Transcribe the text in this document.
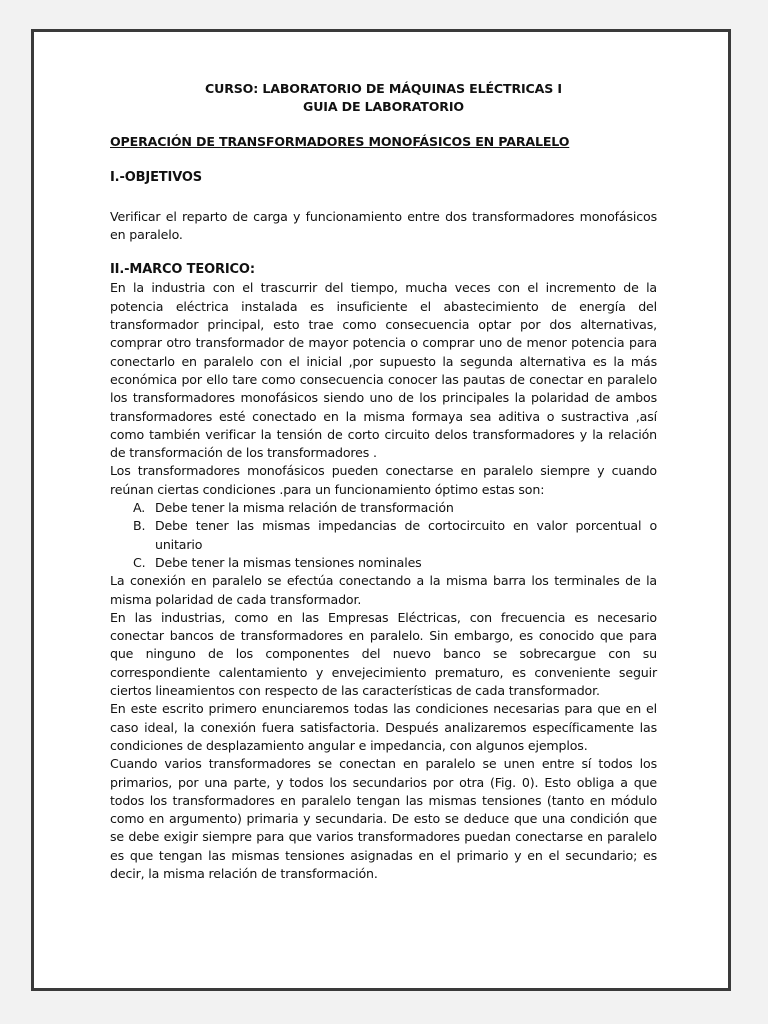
CURSO: LABORATORIO DE MÁQUINAS ELÉCTRICAS I

GUIA DE LABORATORIO

OPERACIÓN DE TRANSFORMADORES MONOFÁSICOS EN PARALELO

I.-OBJETIVOS

Verificar el reparto de carga y funcionamiento entre dos transformadores monofásicos en paralelo.

II.-MARCO TEORICO:

En la industria con el trascurrir del tiempo, mucha veces con el incremento de la potencia eléctrica instalada es insuficiente el abastecimiento de energía del transformador principal, esto trae como consecuencia optar por dos alternativas, comprar otro transformador de mayor potencia o comprar uno de menor potencia para conectarlo en paralelo con el inicial ,por supuesto la segunda alternativa es la más económica por ello tare como consecuencia conocer las pautas de conectar en paralelo los transformadores monofásicos siendo uno de los principales la polaridad de ambos transformadores esté conectado en la misma formaya sea aditiva o sustractiva ,así como también verificar la tensión de corto circuito delos transformadores y la relación de transformación de los transformadores .

Los transformadores monofásicos pueden conectarse en paralelo siempre y cuando reúnan ciertas condiciones .para un funcionamiento óptimo estas son:

A. Debe tener la misma relación de transformación
B. Debe tener las mismas impedancias de cortocircuito en valor porcentual o unitario
C. Debe tener la mismas tensiones nominales

La conexión en paralelo se efectúa conectando a la misma barra los terminales de la misma polaridad de cada transformador.

En las industrias, como en las Empresas Eléctricas, con frecuencia es necesario conectar bancos de transformadores en paralelo. Sin embargo, es conocido que para que ninguno de los componentes del nuevo banco se sobrecargue con su correspondiente calentamiento y envejecimiento prematuro, es conveniente seguir ciertos lineamientos con respecto de las características de cada transformador.

En este escrito primero enunciaremos todas las condiciones necesarias para que en el caso ideal, la conexión fuera satisfactoria. Después analizaremos específicamente las condiciones de desplazamiento angular e impedancia, con algunos ejemplos.

Cuando varios transformadores se conectan en paralelo se unen entre sí todos los primarios, por una parte, y todos los secundarios por otra (Fig. 0). Esto obliga a que todos los transformadores en paralelo tengan las mismas tensiones (tanto en módulo como en argumento) primaria y secundaria. De esto se deduce que una condición que se debe exigir siempre para que varios transformadores puedan conectarse en paralelo es que tengan las mismas tensiones asignadas en el primario y en el secundario; es decir, la misma relación de transformación.
